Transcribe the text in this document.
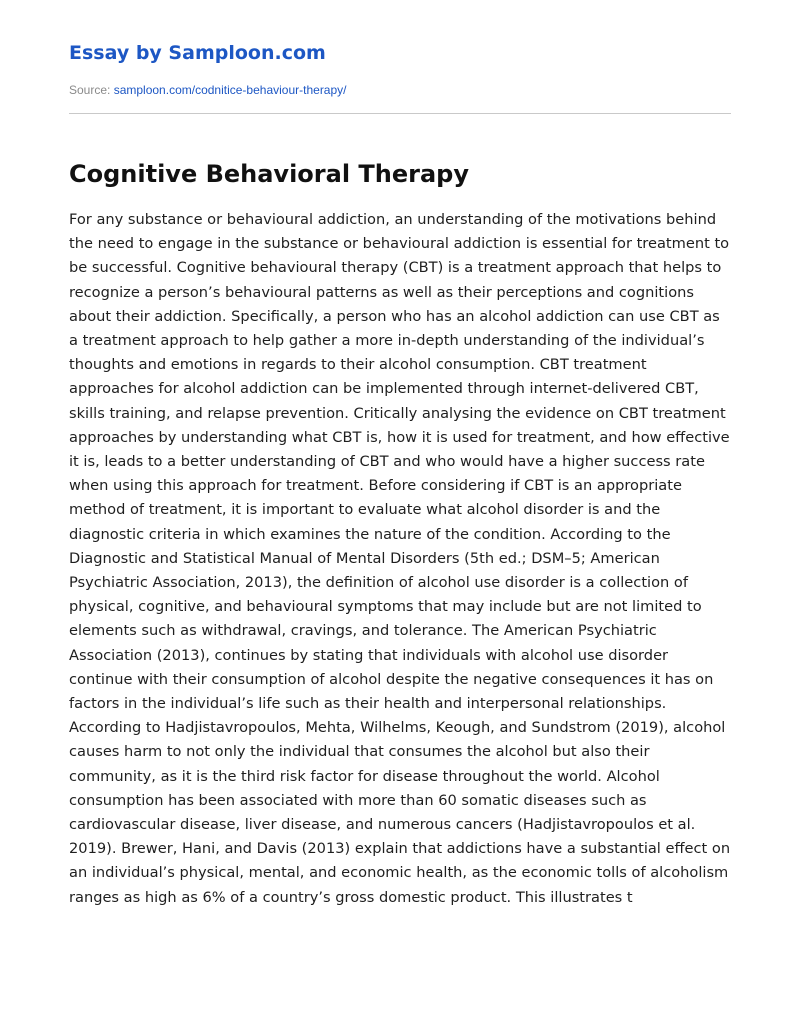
Essay by Samploon.com
Source: samploon.com/codnitice-behaviour-therapy/
Cognitive Behavioral Therapy

For any substance or behavioural addiction, an understanding of the motivations behind the need to engage in the substance or behavioural addiction is essential for treatment to be successful. Cognitive behavioural therapy (CBT) is a treatment approach that helps to recognize a person’s behavioural patterns as well as their perceptions and cognitions about their addiction. Specifically, a person who has an alcohol addiction can use CBT as a treatment approach to help gather a more in-depth understanding of the individual’s thoughts and emotions in regards to their alcohol consumption. CBT treatment approaches for alcohol addiction can be implemented through internet-delivered CBT, skills training, and relapse prevention. Critically analysing the evidence on CBT treatment approaches by understanding what CBT is, how it is used for treatment, and how effective it is, leads to a better understanding of CBT and who would have a higher success rate when using this approach for treatment. Before considering if CBT is an appropriate method of treatment, it is important to evaluate what alcohol disorder is and the diagnostic criteria in which examines the nature of the condition. According to the Diagnostic and Statistical Manual of Mental Disorders (5th ed.; DSM–5; American Psychiatric Association, 2013), the definition of alcohol use disorder is a collection of physical, cognitive, and behavioural symptoms that may include but are not limited to elements such as withdrawal, cravings, and tolerance. The American Psychiatric Association (2013), continues by stating that individuals with alcohol use disorder continue with their consumption of alcohol despite the negative consequences it has on factors in the individual’s life such as their health and interpersonal relationships. According to Hadjistavropoulos, Mehta, Wilhelms, Keough, and Sundstrom (2019), alcohol causes harm to not only the individual that consumes the alcohol but also their community, as it is the third risk factor for disease throughout the world. Alcohol consumption has been associated with more than 60 somatic diseases such as cardiovascular disease, liver disease, and numerous cancers (Hadjistavropoulos et al. 2019). Brewer, Hani, and Davis (2013) explain that addictions have a substantial effect on an individual’s physical, mental, and economic health, as the economic tolls of alcoholism ranges as high as 6% of a country’s gross domestic product. This illustrates t
